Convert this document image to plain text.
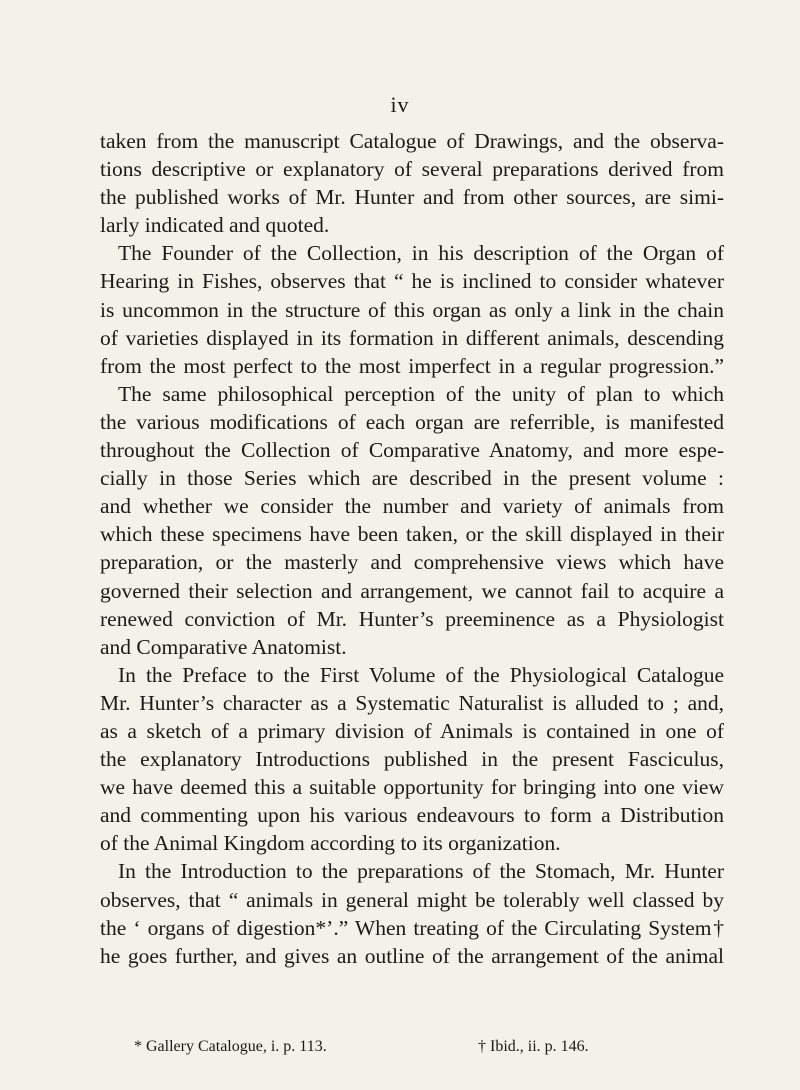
iv
taken from the manuscript Catalogue of Drawings, and the observa-
tions descriptive or explanatory of several preparations derived from
the published works of Mr. Hunter and from other sources, are simi-
larly indicated and quoted.
The Founder of the Collection, in his description of the Organ of
Hearing in Fishes, observes that “ he is inclined to consider whatever
is uncommon in the structure of this organ as only a link in the chain
of varieties displayed in its formation in different animals, descending
from the most perfect to the most imperfect in a regular progression.”
The same philosophical perception of the unity of plan to which
the various modifications of each organ are referrible, is manifested
throughout the Collection of Comparative Anatomy, and more espe-
cially in those Series which are described in the present volume :
and whether we consider the number and variety of animals from
which these specimens have been taken, or the skill displayed in their
preparation, or the masterly and comprehensive views which have
governed their selection and arrangement, we cannot fail to acquire a
renewed conviction of Mr. Hunter’s preeminence as a Physiologist
and Comparative Anatomist.
In the Preface to the First Volume of the Physiological Catalogue
Mr. Hunter’s character as a Systematic Naturalist is alluded to ; and,
as a sketch of a primary division of Animals is contained in one of
the explanatory Introductions published in the present Fasciculus,
we have deemed this a suitable opportunity for bringing into one view
and commenting upon his various endeavours to form a Distribution
of the Animal Kingdom according to its organization.
In the Introduction to the preparations of the Stomach, Mr. Hunter
observes, that “ animals in general might be tolerably well classed by
the ‘ organs of digestion*’.” When treating of the Circulating System†
he goes further, and gives an outline of the arrangement of the animal
* Gallery Catalogue, i. p. 113.	† Ibid., ii. p. 146.
